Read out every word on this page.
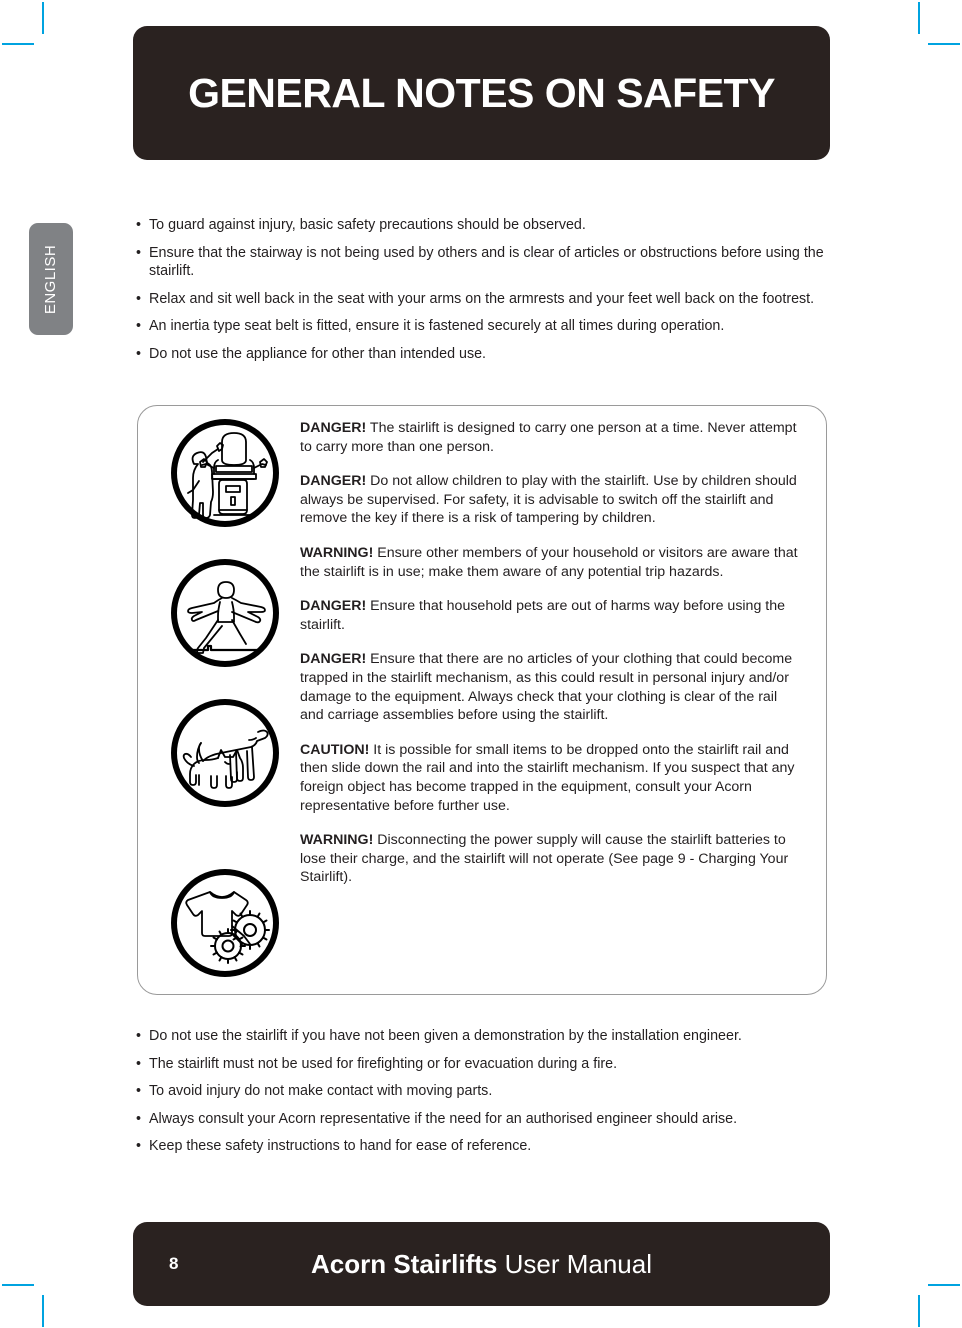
GENERAL NOTES ON SAFETY
ENGLISH
• To guard against injury, basic safety precautions should be observed.
• Ensure that the stairway is not being used by others and is clear of articles or obstructions before using the stairlift.
• Relax and sit well back in the seat with your arms on the armrests and your feet well back on the footrest.
• An inertia type seat belt is fitted, ensure it is fastened securely at all times during operation.
• Do not use the appliance for other than intended use.

DANGER! The stairlift is designed to carry one person at a time. Never attempt to carry more than one person.

DANGER! Do not allow children to play with the stairlift. Use by children should always be supervised. For safety, it is advisable to switch off the stairlift and remove the key if there is a risk of tampering by children.

WARNING! Ensure other members of your household or visitors are aware that the stairlift is in use; make them aware of any potential trip hazards.

DANGER! Ensure that household pets are out of harms way before using the stairlift.

DANGER! Ensure that there are no articles of your clothing that could become trapped in the stairlift mechanism, as this could result in personal injury and/or damage to the equipment. Always check that your clothing is clear of the rail and carriage assemblies before using the stairlift.

CAUTION! It is possible for small items to be dropped onto the stairlift rail and then slide down the rail and into the stairlift mechanism. If you suspect that any foreign object has become trapped in the equipment, consult your Acorn representative before further use.

WARNING! Disconnecting the power supply will cause the stairlift batteries to lose their charge, and the stairlift will not operate (See page 9 - Charging Your Stairlift).

• Do not use the stairlift if you have not been given a demonstration by the installation engineer.
• The stairlift must not be used for firefighting or for evacuation during a fire.
• To avoid injury do not make contact with moving parts.
• Always consult your Acorn representative if the need for an authorised engineer should arise.
• Keep these safety instructions to hand for ease of reference.
8	Acorn Stairlifts User Manual
